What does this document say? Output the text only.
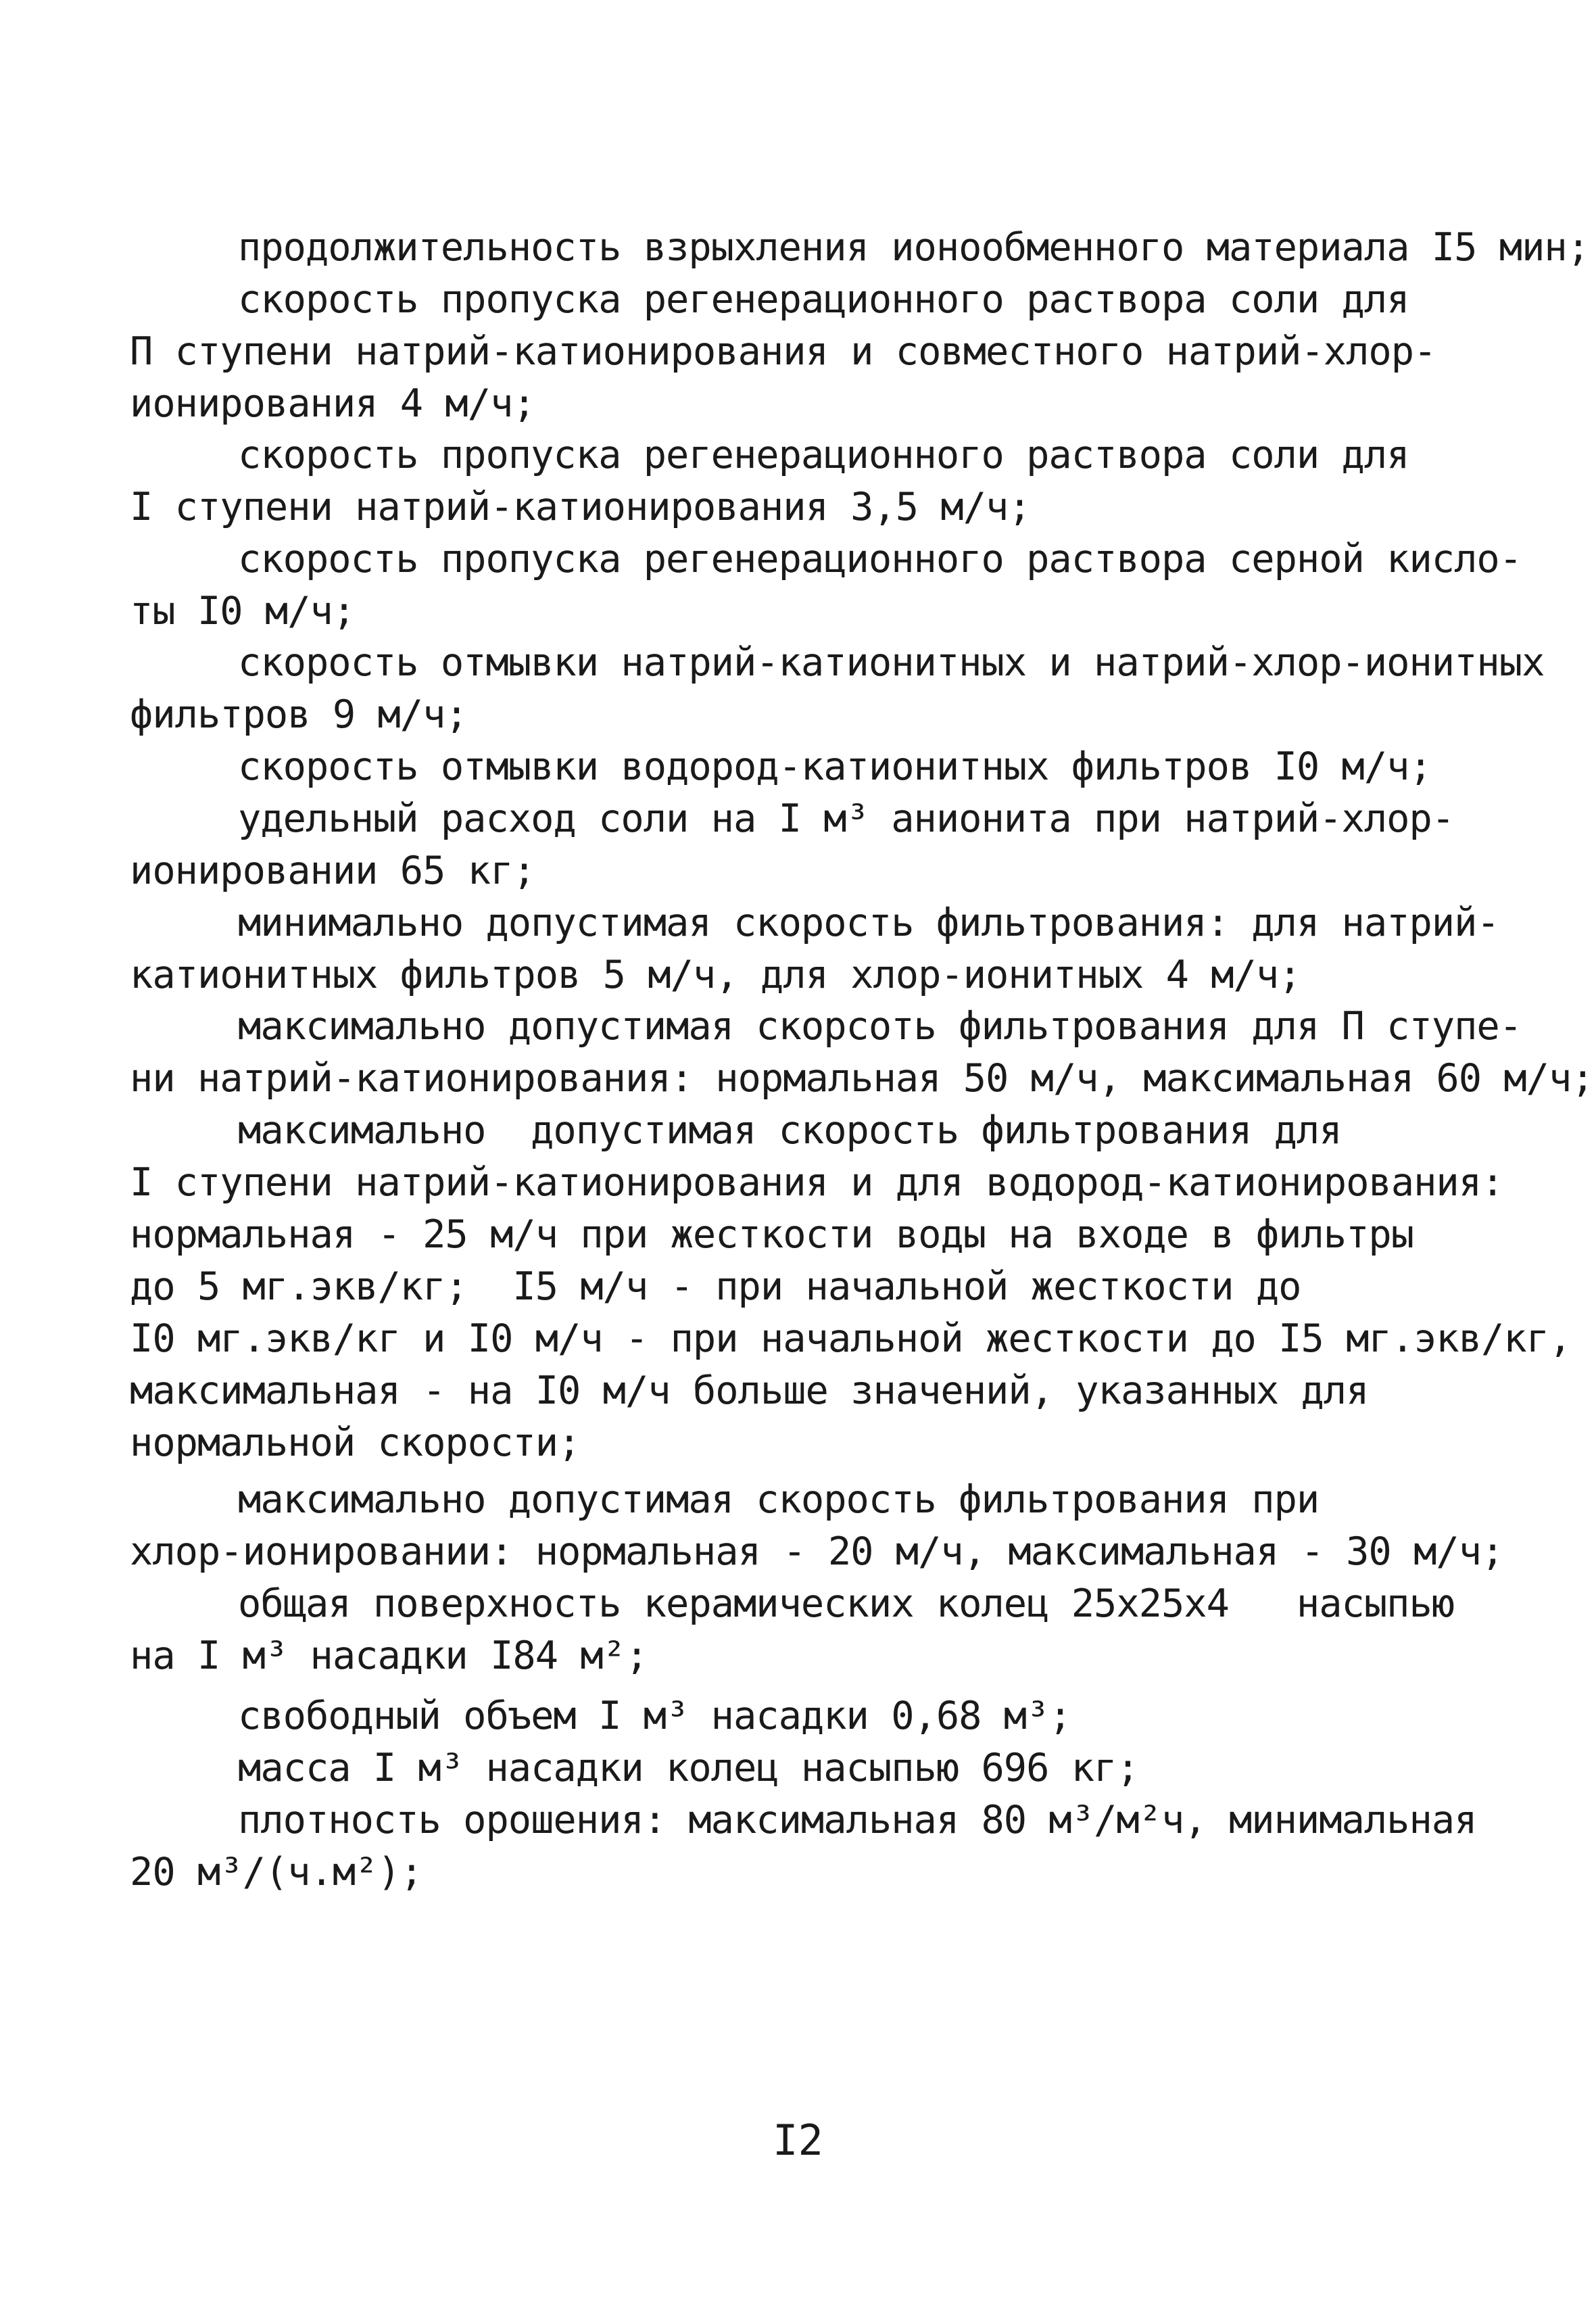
продолжительность взрыхления ионообменного материала I5 мин;
скорость пропуска регенерационного раствора соли для
П ступени натрий-катионирования и совместного натрий-хлор-
ионирования 4 м/ч;
скорость пропуска регенерационного раствора соли для
I ступени натрий-катионирования 3,5 м/ч;
скорость пропуска регенерационного раствора серной кисло-
ты I0 м/ч;
скорость отмывки натрий-катионитных и натрий-хлор-ионитных
фильтров 9 м/ч;
скорость отмывки водород-катионитных фильтров I0 м/ч;
удельный расход соли на I м³ анионита при натрий-хлор-
ионировании 65 кг;
минимально допустимая скорость фильтрования: для натрий-
катионитных фильтров 5 м/ч, для хлор-ионитных 4 м/ч;
максимально допустимая скорсоть фильтрования для П ступе-
ни натрий-катионирования: нормальная 50 м/ч, максимальная 60 м/ч;
максимально  допустимая скорость фильтрования для
I ступени натрий-катионирования и для водород-катионирования:
нормальная - 25 м/ч при жесткости воды на входе в фильтры
до 5 мг.экв/кг;  I5 м/ч - при начальной жесткости до
I0 мг.экв/кг и I0 м/ч - при начальной жесткости до I5 мг.экв/кг,
максимальная - на I0 м/ч больше значений, указанных для
нормальной скорости;
максимально допустимая скорость фильтрования при
хлор-ионировании: нормальная - 20 м/ч, максимальная - 30 м/ч;
общая поверхность керамических колец 25х25х4   насыпью
на I м³ насадки I84 м²;
свободный объем I м³ насадки 0,68 м³;
масса I м³ насадки колец насыпью 696 кг;
плотность орошения: максимальная 80 м³/м²ч, минимальная
20 м³/(ч.м²);
I2
